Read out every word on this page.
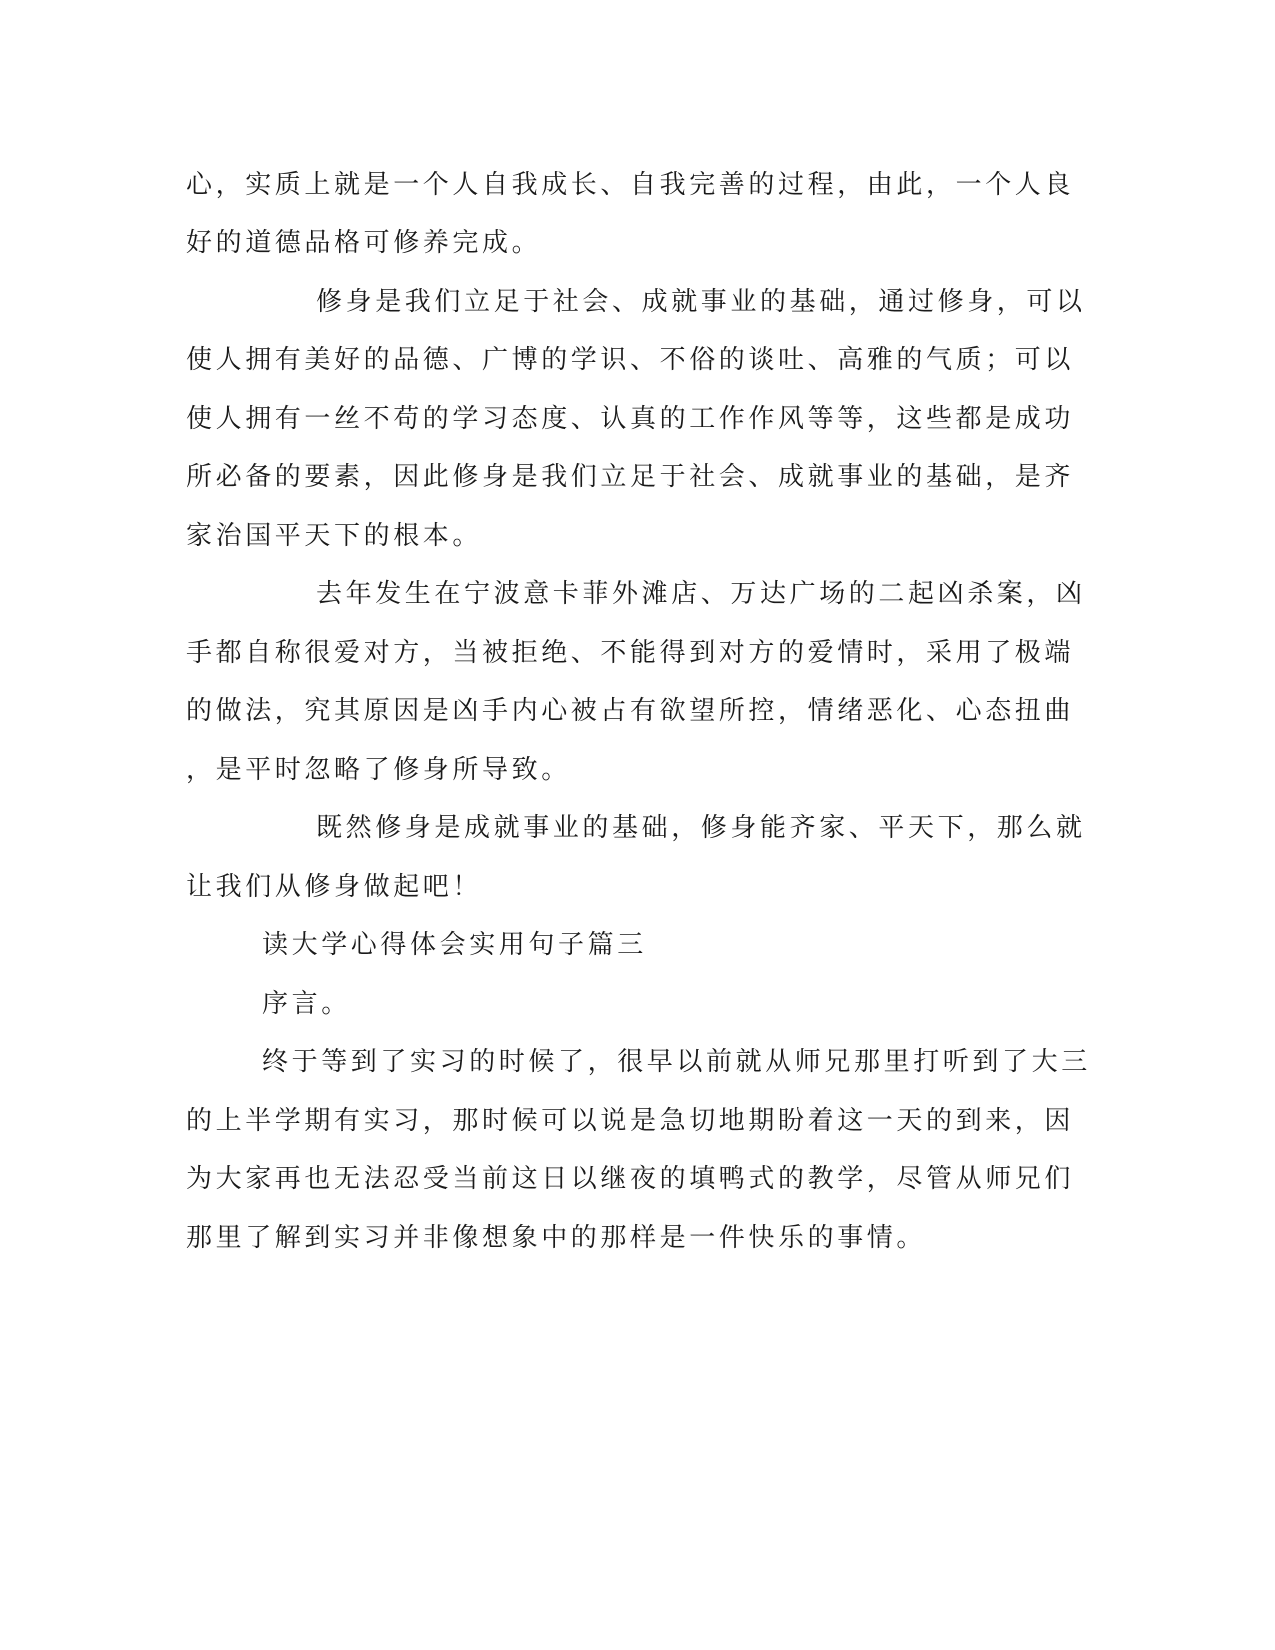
心，实质上就是一个人自我成长、自我完善的过程，由此，一个人良
好的道德品格可修养完成。
修身是我们立足于社会、成就事业的基础，通过修身，可以
使人拥有美好的品德、广博的学识、不俗的谈吐、高雅的气质；可以
使人拥有一丝不苟的学习态度、认真的工作作风等等，这些都是成功
所必备的要素，因此修身是我们立足于社会、成就事业的基础，是齐
家治国平天下的根本。
去年发生在宁波意卡菲外滩店、万达广场的二起凶杀案，凶
手都自称很爱对方，当被拒绝、不能得到对方的爱情时，采用了极端
的做法，究其原因是凶手内心被占有欲望所控，情绪恶化、心态扭曲
，是平时忽略了修身所导致。
既然修身是成就事业的基础，修身能齐家、平天下，那么就
让我们从修身做起吧！
读大学心得体会实用句子篇三
序言。
终于等到了实习的时候了，很早以前就从师兄那里打听到了大三
的上半学期有实习，那时候可以说是急切地期盼着这一天的到来，因
为大家再也无法忍受当前这日以继夜的填鸭式的教学，尽管从师兄们
那里了解到实习并非像想象中的那样是一件快乐的事情。
